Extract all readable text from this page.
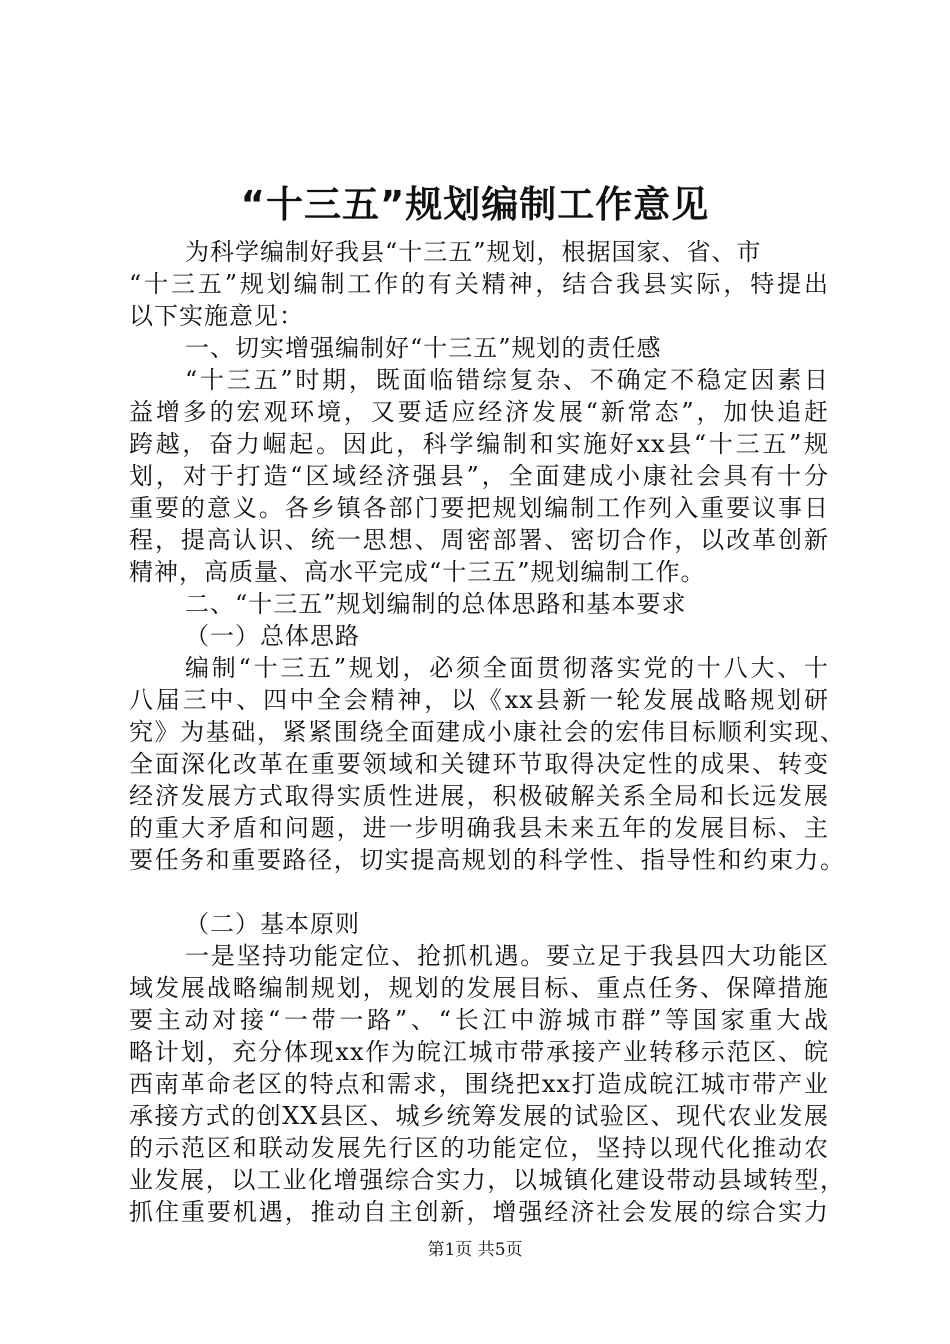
“十三五”规划编制工作意见
为科学编制好我县“十三五”规划，根据国家、省、市
“十三五”规划编制工作的有关精神，结合我县实际，特提出
以下实施意见：
一、切实增强编制好“十三五”规划的责任感
“十三五”时期，既面临错综复杂、不确定不稳定因素日
益增多的宏观环境，又要适应经济发展“新常态”，加快追赶
跨越，奋力崛起。因此，科学编制和实施好xx县“十三五”规
划，对于打造“区域经济强县”，全面建成小康社会具有十分
重要的意义。各乡镇各部门要把规划编制工作列入重要议事日
程，提高认识、统一思想、周密部署、密切合作，以改革创新
精神，高质量、高水平完成“十三五”规划编制工作。
二、“十三五”规划编制的总体思路和基本要求
（一）总体思路
编制“十三五”规划，必须全面贯彻落实党的十八大、十
八届三中、四中全会精神，以《xx县新一轮发展战略规划研
究》为基础，紧紧围绕全面建成小康社会的宏伟目标顺利实现、
全面深化改革在重要领域和关键环节取得决定性的成果、转变
经济发展方式取得实质性进展，积极破解关系全局和长远发展
的重大矛盾和问题，进一步明确我县未来五年的发展目标、主
要任务和重要路径，切实提高规划的科学性、指导性和约束力。
（二）基本原则
一是坚持功能定位、抢抓机遇。要立足于我县四大功能区
域发展战略编制规划，规划的发展目标、重点任务、保障措施
要主动对接“一带一路”、“长江中游城市群”等国家重大战
略计划，充分体现xx作为皖江城市带承接产业转移示范区、皖
西南革命老区的特点和需求，围绕把xx打造成皖江城市带产业
承接方式的创XX县区、城乡统筹发展的试验区、现代农业发展
的示范区和联动发展先行区的功能定位，坚持以现代化推动农
业发展，以工业化增强综合实力，以城镇化建设带动县域转型，
抓住重要机遇，推动自主创新，增强经济社会发展的综合实力
第1页 共5页
